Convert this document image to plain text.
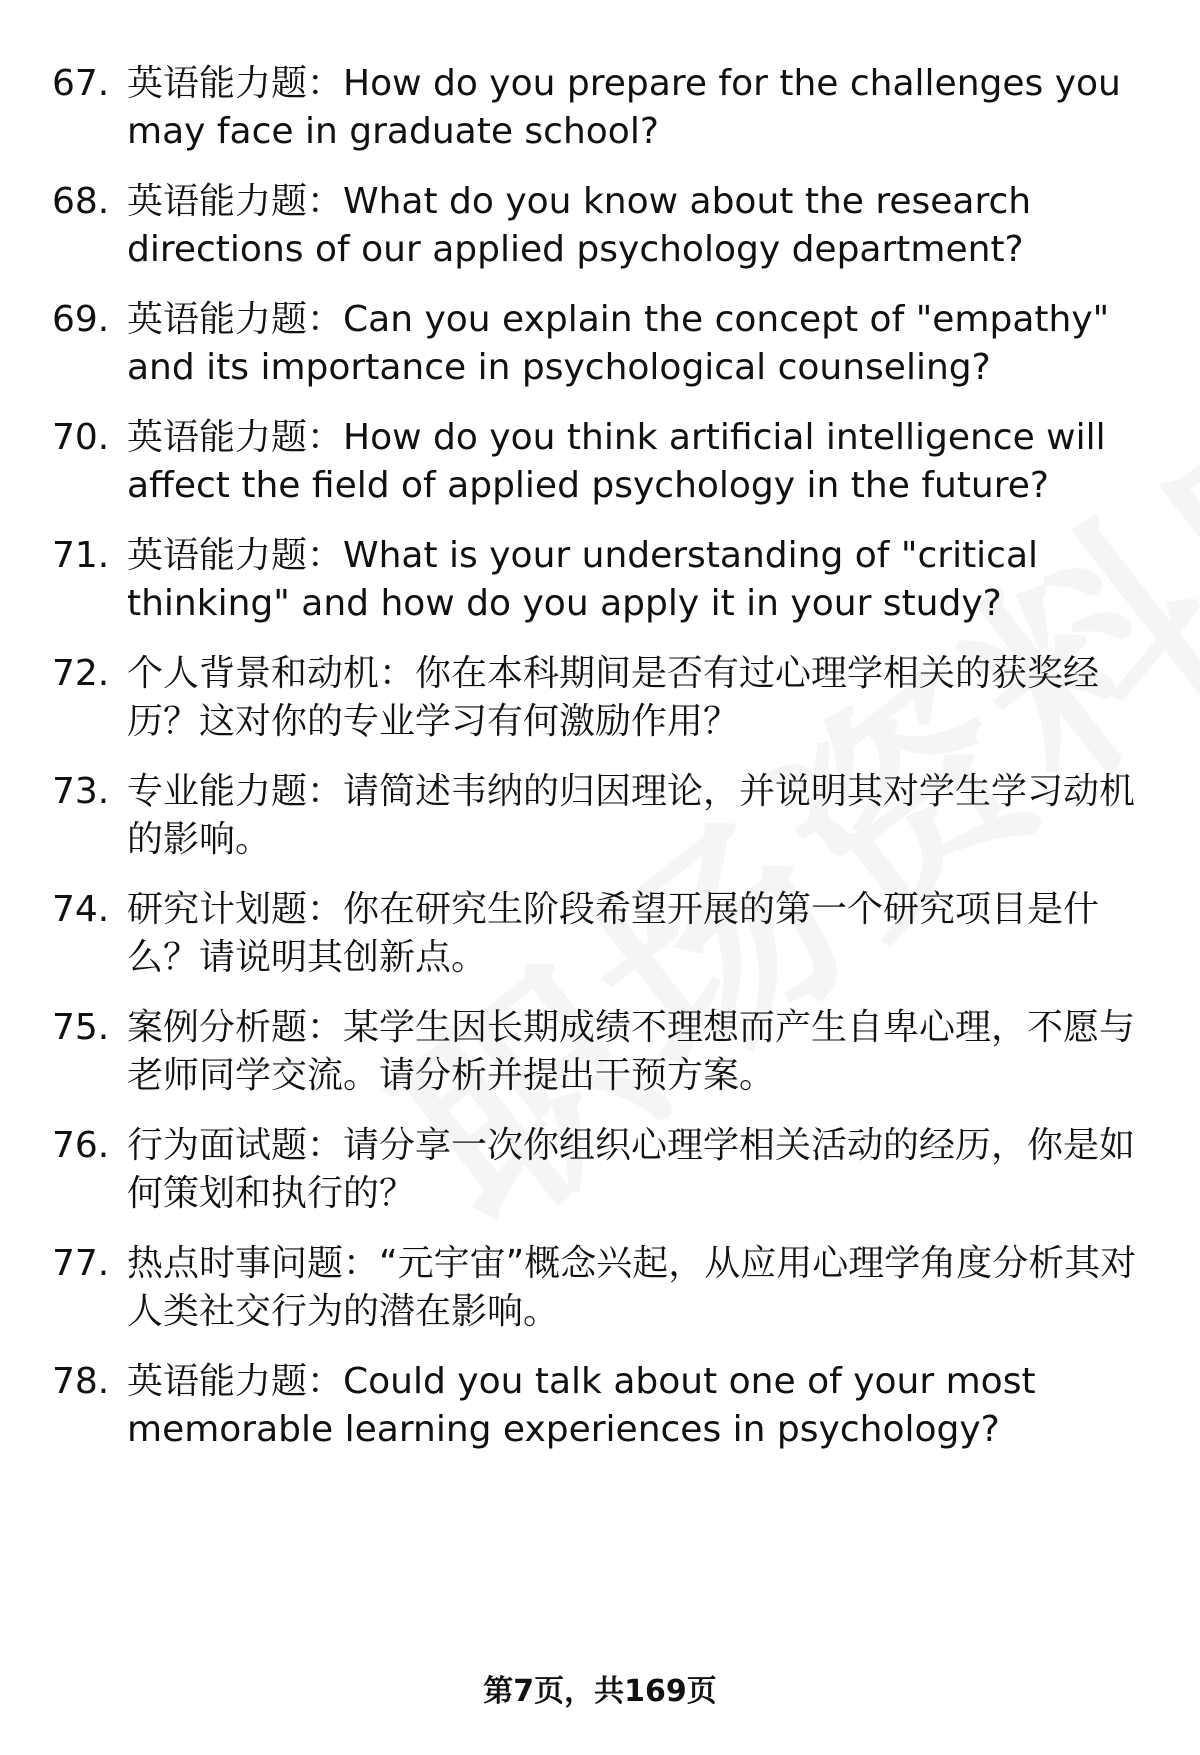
67. 英语能力题：How do you prepare for the challenges you may face in graduate school?
68. 英语能力题：What do you know about the research directions of our applied psychology department?
69. 英语能力题：Can you explain the concept of "empathy" and its importance in psychological counseling?
70. 英语能力题：How do you think artificial intelligence will affect the field of applied psychology in the future?
71. 英语能力题：What is your understanding of "critical thinking" and how do you apply it in your study?
72. 个人背景和动机：你在本科期间是否有过心理学相关的获奖经历？这对你的专业学习有何激励作用？
73. 专业能力题：请简述韦纳的归因理论，并说明其对学生学习动机的影响。
74. 研究计划题：你在研究生阶段希望开展的第一个研究项目是什么？请说明其创新点。
75. 案例分析题：某学生因长期成绩不理想而产生自卑心理，不愿与老师同学交流。请分析并提出干预方案。
76. 行为面试题：请分享一次你组织心理学相关活动的经历，你是如何策划和执行的？
77. 热点时事问题：“元宇宙”概念兴起，从应用心理学角度分析其对人类社交行为的潜在影响。
78. 英语能力题：Could you talk about one of your most memorable learning experiences in psychology?
第7页，共169页
